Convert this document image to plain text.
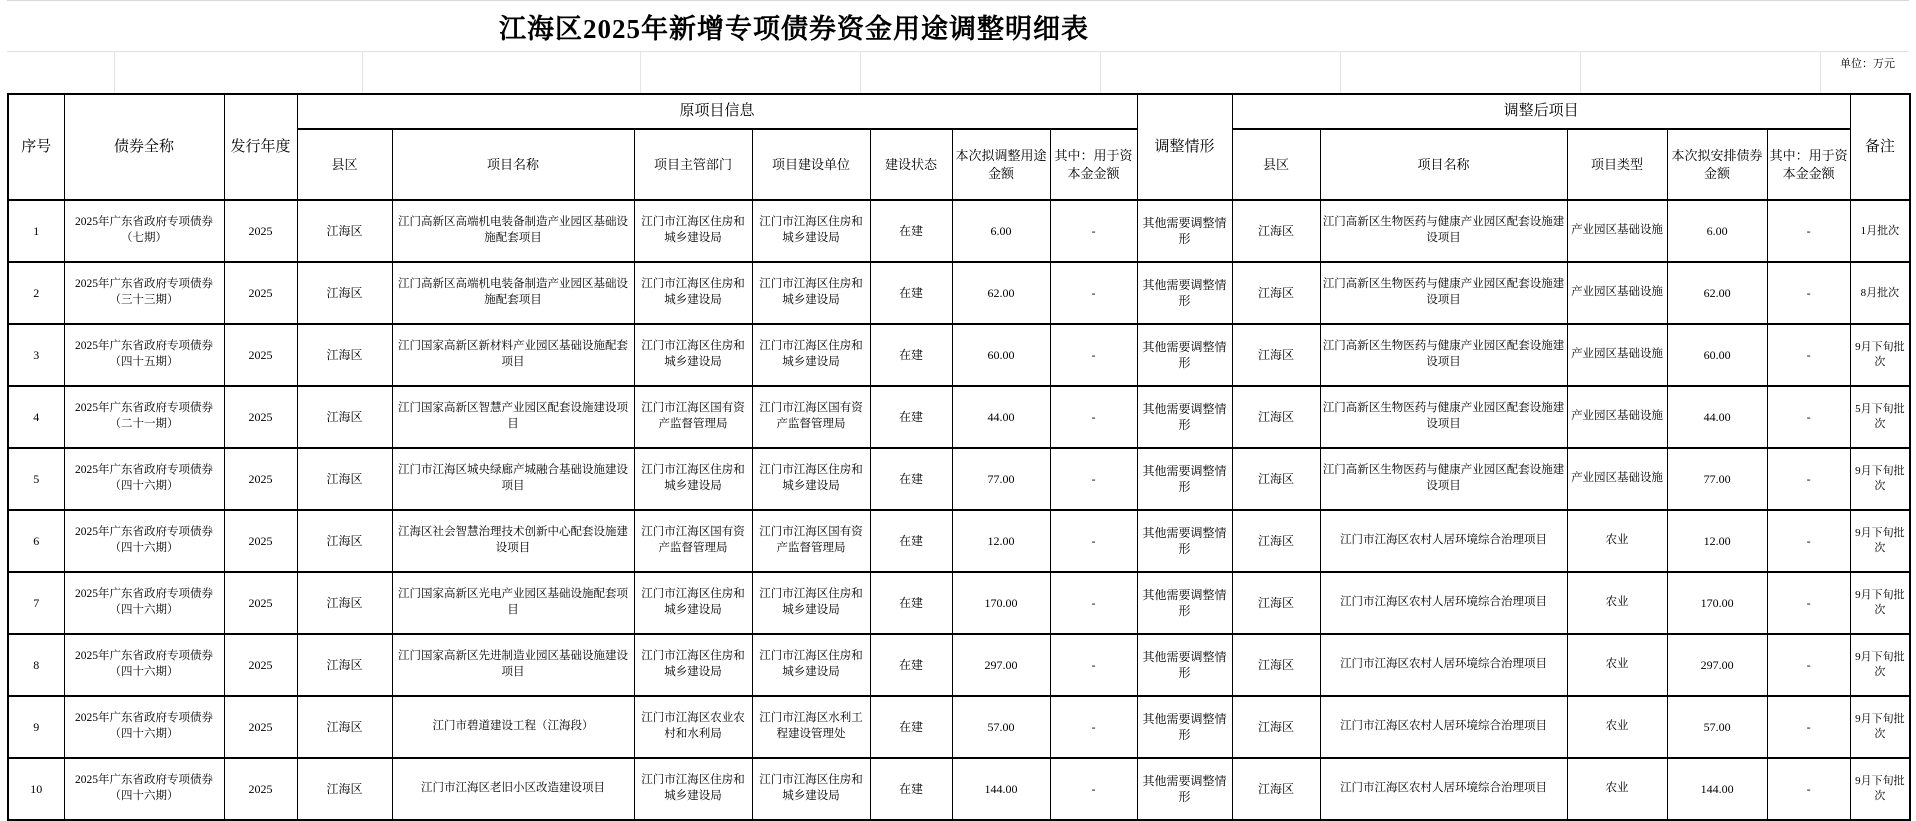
江海区2025年新增专项债券资金用途调整明细表
单位：万元
序号	债券全称	发行年度	原项目信息							调整情形	调整后项目					备注
			县区	项目名称	项目主管部门	项目建设单位	建设状态	本次拟调整用途金额	其中：用于资本金金额		县区	项目名称	项目类型	本次拟安排债券金额	其中：用于资本金金额	
1	2025年广东省政府专项债券（七期）	2025	江海区	江门高新区高端机电装备制造产业园区基础设施配套项目	江门市江海区住房和城乡建设局	江门市江海区住房和城乡建设局	在建	6.00	-	其他需要调整情形	江海区	江门高新区生物医药与健康产业园区配套设施建设项目	产业园区基础设施	6.00	-	1月批次
2	2025年广东省政府专项债券（三十三期）	2025	江海区	江门高新区高端机电装备制造产业园区基础设施配套项目	江门市江海区住房和城乡建设局	江门市江海区住房和城乡建设局	在建	62.00	-	其他需要调整情形	江海区	江门高新区生物医药与健康产业园区配套设施建设项目	产业园区基础设施	62.00	-	8月批次
3	2025年广东省政府专项债券（四十五期）	2025	江海区	江门国家高新区新材料产业园区基础设施配套项目	江门市江海区住房和城乡建设局	江门市江海区住房和城乡建设局	在建	60.00	-	其他需要调整情形	江海区	江门高新区生物医药与健康产业园区配套设施建设项目	产业园区基础设施	60.00	-	9月下旬批次
4	2025年广东省政府专项债券（二十一期）	2025	江海区	江门国家高新区智慧产业园区配套设施建设项目	江门市江海区国有资产监督管理局	江门市江海区国有资产监督管理局	在建	44.00	-	其他需要调整情形	江海区	江门高新区生物医药与健康产业园区配套设施建设项目	产业园区基础设施	44.00	-	5月下旬批次
5	2025年广东省政府专项债券（四十六期）	2025	江海区	江门市江海区城央绿廊产城融合基础设施建设项目	江门市江海区住房和城乡建设局	江门市江海区住房和城乡建设局	在建	77.00	-	其他需要调整情形	江海区	江门高新区生物医药与健康产业园区配套设施建设项目	产业园区基础设施	77.00	-	9月下旬批次
6	2025年广东省政府专项债券（四十六期）	2025	江海区	江海区社会智慧治理技术创新中心配套设施建设项目	江门市江海区国有资产监督管理局	江门市江海区国有资产监督管理局	在建	12.00	-	其他需要调整情形	江海区	江门市江海区农村人居环境综合治理项目	农业	12.00	-	9月下旬批次
7	2025年广东省政府专项债券（四十六期）	2025	江海区	江门国家高新区光电产业园区基础设施配套项目	江门市江海区住房和城乡建设局	江门市江海区住房和城乡建设局	在建	170.00	-	其他需要调整情形	江海区	江门市江海区农村人居环境综合治理项目	农业	170.00	-	9月下旬批次
8	2025年广东省政府专项债券（四十六期）	2025	江海区	江门国家高新区先进制造业园区基础设施建设项目	江门市江海区住房和城乡建设局	江门市江海区住房和城乡建设局	在建	297.00	-	其他需要调整情形	江海区	江门市江海区农村人居环境综合治理项目	农业	297.00	-	9月下旬批次
9	2025年广东省政府专项债券（四十六期）	2025	江海区	江门市碧道建设工程（江海段）	江门市江海区农业农村和水利局	江门市江海区水利工程建设管理处	在建	57.00	-	其他需要调整情形	江海区	江门市江海区农村人居环境综合治理项目	农业	57.00	-	9月下旬批次
10	2025年广东省政府专项债券（四十六期）	2025	江海区	江门市江海区老旧小区改造建设项目	江门市江海区住房和城乡建设局	江门市江海区住房和城乡建设局	在建	144.00	-	其他需要调整情形	江海区	江门市江海区农村人居环境综合治理项目	农业	144.00	-	9月下旬批次
